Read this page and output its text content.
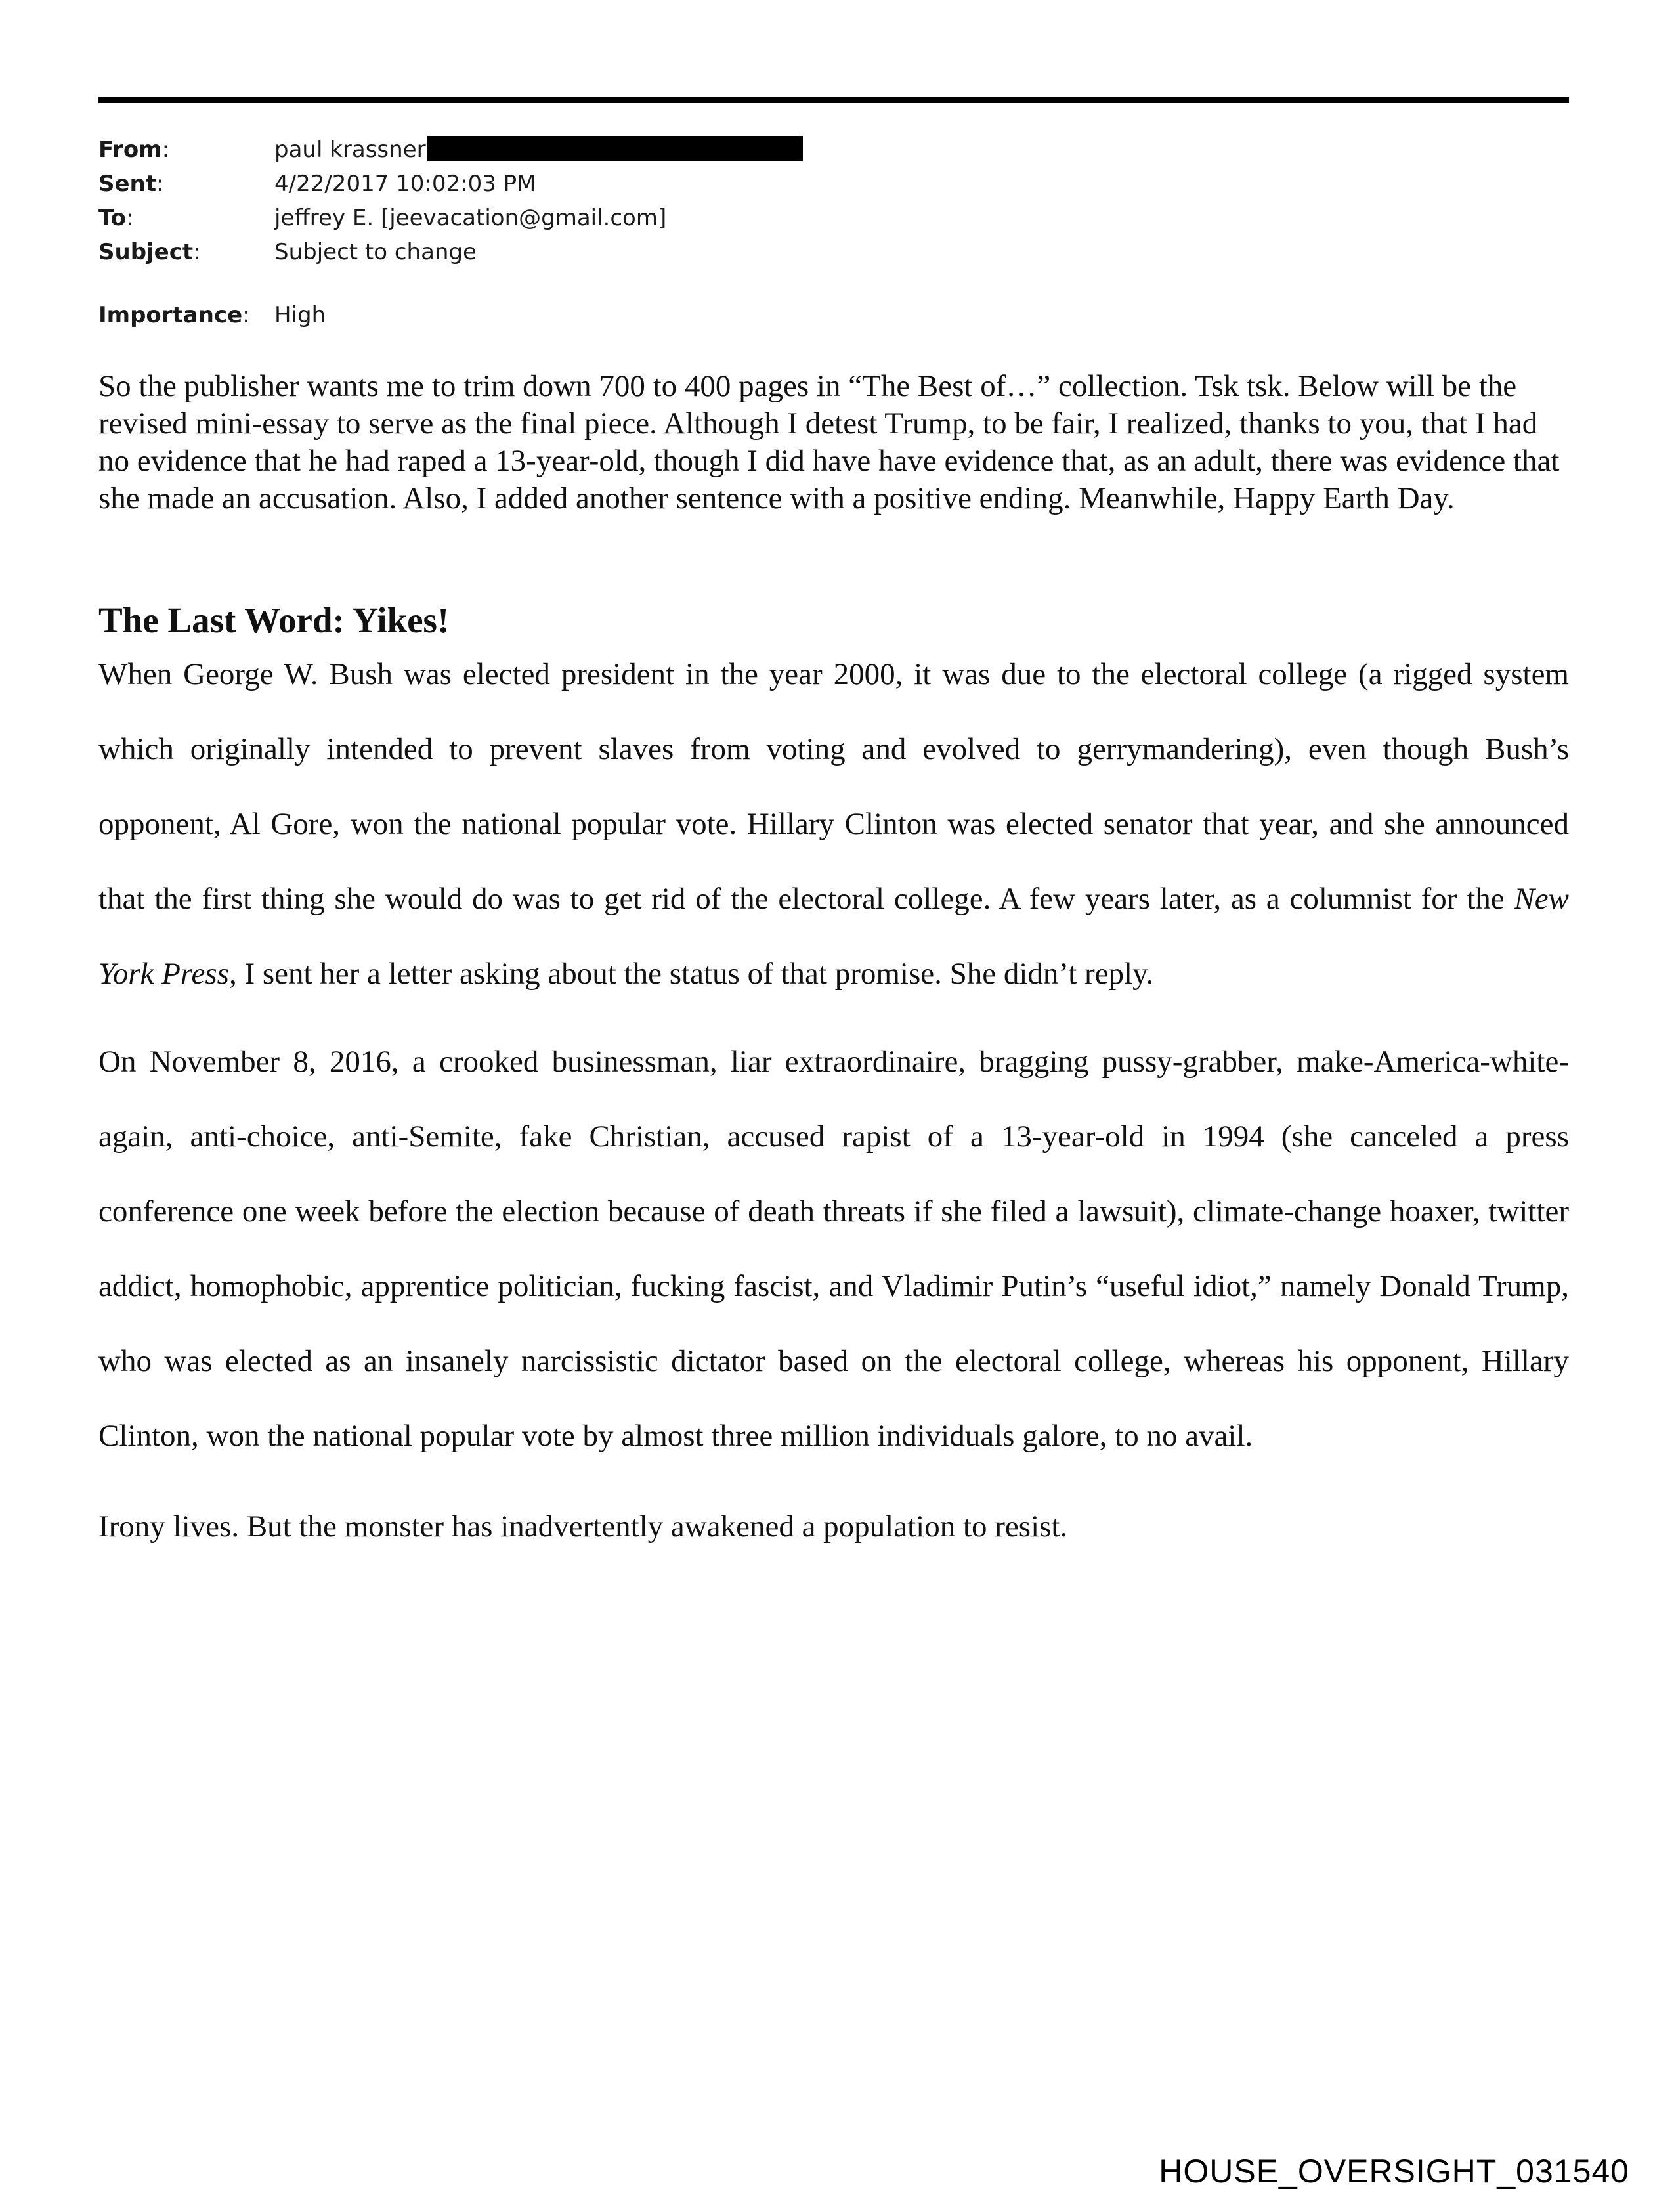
From:	paul krassner
Sent:	4/22/2017 10:02:03 PM
To:	jeffrey E. [jeevacation@gmail.com]
Subject:	Subject to change
Importance: High

So the publisher wants me to trim down 700 to 400 pages in “The Best of…” collection. Tsk tsk. Below will be the revised mini-essay to serve as the final piece. Although I detest Trump, to be fair, I realized, thanks to you, that I had no evidence that he had raped a 13-year-old, though I did have have evidence that, as an adult, there was evidence that she made an accusation. Also, I added another sentence with a positive ending. Meanwhile, Happy Earth Day.

The Last Word: Yikes!

When George W. Bush was elected president in the year 2000, it was due to the electoral college (a rigged system which originally intended to prevent slaves from voting and evolved to gerrymandering), even though Bush’s opponent, Al Gore, won the national popular vote. Hillary Clinton was elected senator that year, and she announced that the first thing she would do was to get rid of the electoral college. A few years later, as a columnist for the New York Press, I sent her a letter asking about the status of that promise. She didn’t reply.

On November 8, 2016, a crooked businessman, liar extraordinaire, bragging pussy-grabber, make-America-white-again, anti-choice, anti-Semite, fake Christian, accused rapist of a 13-year-old in 1994 (she canceled a press conference one week before the election because of death threats if she filed a lawsuit), climate-change hoaxer, twitter addict, homophobic, apprentice politician, fucking fascist, and Vladimir Putin’s “useful idiot,” namely Donald Trump, who was elected as an insanely narcissistic dictator based on the electoral college, whereas his opponent, Hillary Clinton, won the national popular vote by almost three million individuals galore, to no avail.

Irony lives. But the monster has inadvertently awakened a population to resist.

HOUSE_OVERSIGHT_031540
